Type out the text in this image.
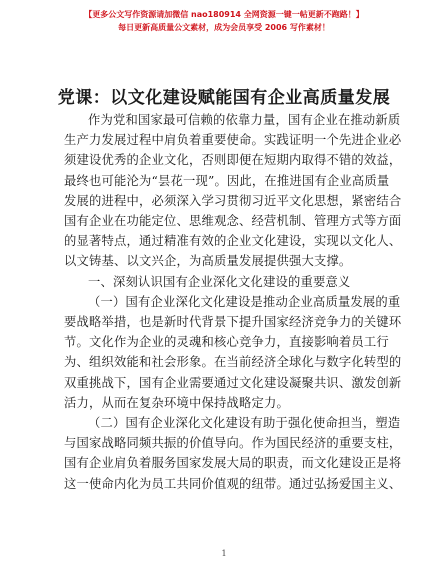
【更多公文写作资源请加微信 nao180914 全网资源一键一帖更新不跑路！】
每日更新高质量公文素材，成为会员享受 2006 写作素材！
党课：以文化建设赋能国有企业高质量发展
作为党和国家最可信赖的依靠力量，国有企业在推动新质
生产力发展过程中肩负着重要使命。实践证明一个先进企业必
须建设优秀的企业文化，否则即便在短期内取得不错的效益，
最终也可能沦为“昙花一现”。因此，在推进国有企业高质量
发展的进程中，必须深入学习贯彻习近平文化思想，紧密结合
国有企业在功能定位、思维观念、经营机制、管理方式等方面
的显著特点，通过精准有效的企业文化建设，实现以文化人、
以文铸基、以文兴企，为高质量发展提供强大支撑。
一、深刻认识国有企业深化文化建设的重要意义
（一）国有企业深化文化建设是推动企业高质量发展的重
要战略举措，也是新时代背景下提升国家经济竞争力的关键环
节。文化作为企业的灵魂和核心竞争力，直接影响着员工行
为、组织效能和社会形象。在当前经济全球化与数字化转型的
双重挑战下，国有企业需要通过文化建设凝聚共识、激发创新
活力，从而在复杂环境中保持战略定力。
（二）国有企业深化文化建设有助于强化使命担当，塑造
与国家战略同频共振的价值导向。作为国民经济的重要支柱，
国有企业肩负着服务国家发展大局的职责，而文化建设正是将
这一使命内化为员工共同价值观的纽带。通过弘扬爱国主义、
1
